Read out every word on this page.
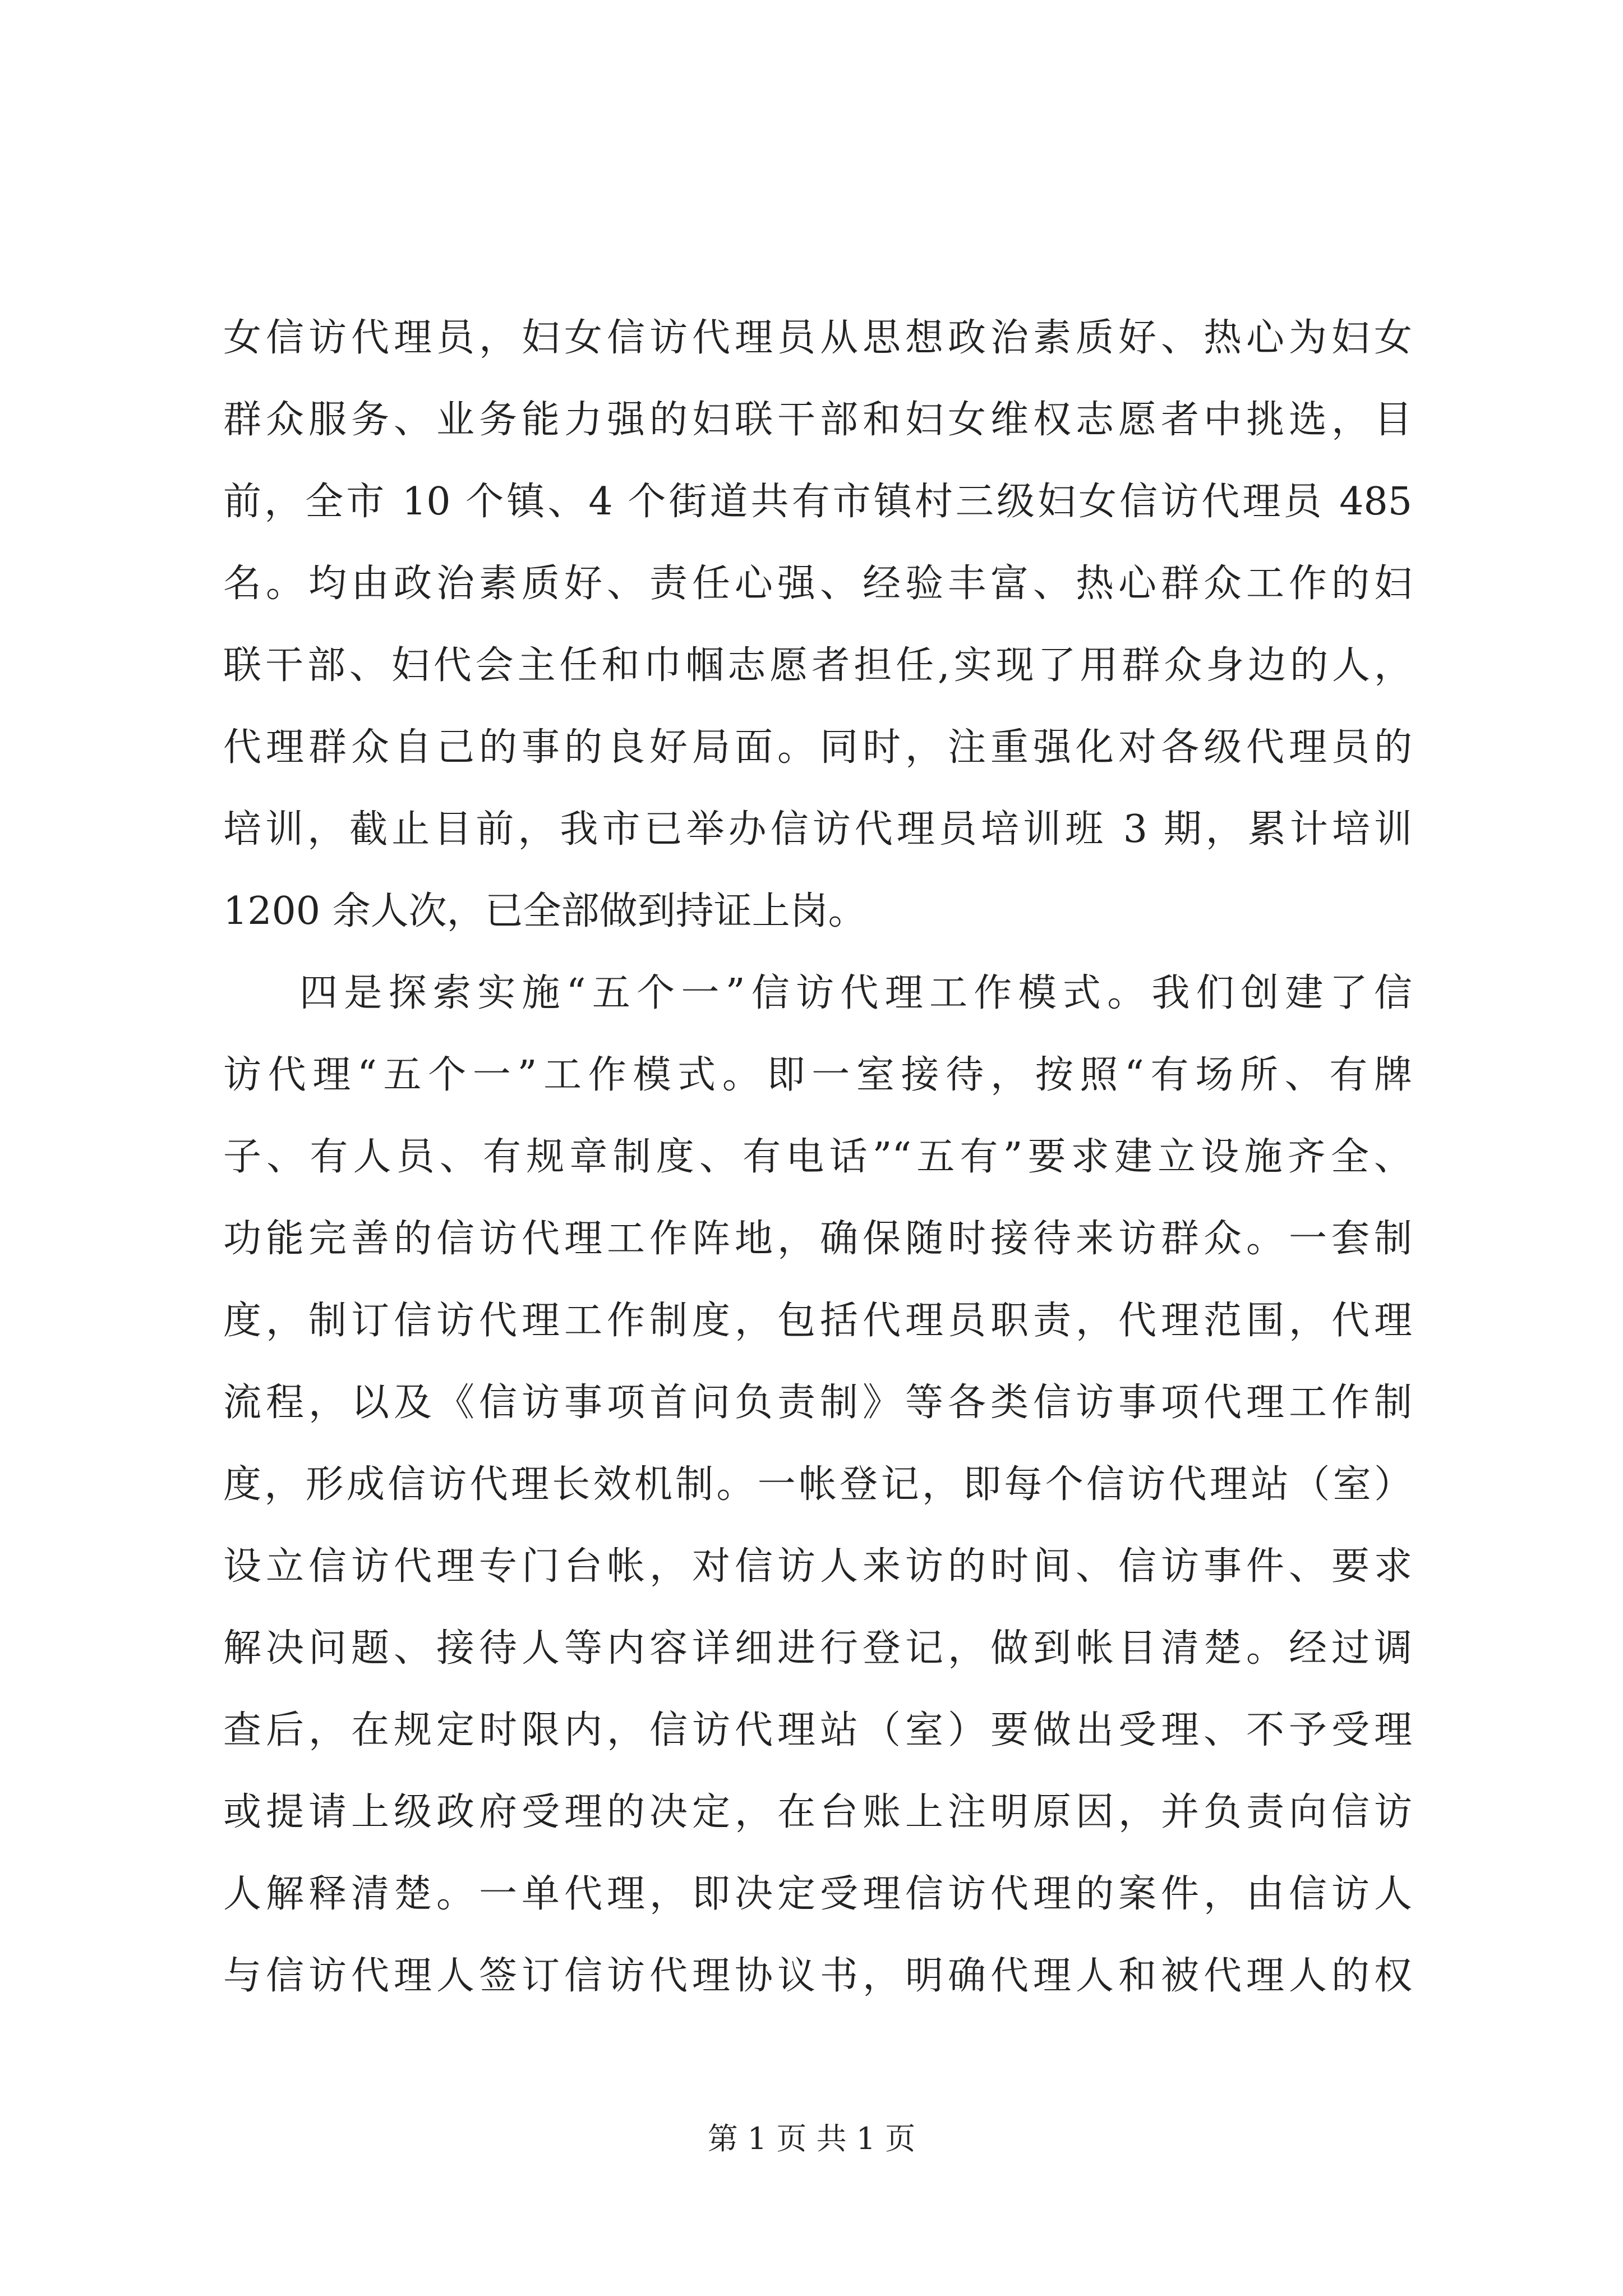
女信访代理员，妇女信访代理员从思想政治素质好、热心为妇女
群众服务、业务能力强的妇联干部和妇女维权志愿者中挑选，目
前，全市 10 个镇、4 个街道共有市镇村三级妇女信访代理员 485
名。均由政治素质好、责任心强、经验丰富、热心群众工作的妇
联干部、妇代会主任和巾帼志愿者担任,实现了用群众身边的人，
代理群众自己的事的良好局面。同时，注重强化对各级代理员的
培训，截止目前，我市已举办信访代理员培训班 3 期，累计培训
1200 余人次，已全部做到持证上岗。
四是探索实施“五个一”信访代理工作模式。我们创建了信
访代理“五个一”工作模式。即一室接待，按照“有场所、有牌
子、有人员、有规章制度、有电话”“五有”要求建立设施齐全、
功能完善的信访代理工作阵地，确保随时接待来访群众。一套制
度，制订信访代理工作制度，包括代理员职责，代理范围，代理
流程，以及《信访事项首问负责制》等各类信访事项代理工作制
度，形成信访代理长效机制。一帐登记，即每个信访代理站（室）
设立信访代理专门台帐，对信访人来访的时间、信访事件、要求
解决问题、接待人等内容详细进行登记，做到帐目清楚。经过调
查后，在规定时限内，信访代理站（室）要做出受理、不予受理
或提请上级政府受理的决定，在台账上注明原因，并负责向信访
人解释清楚。一单代理，即决定受理信访代理的案件，由信访人
与信访代理人签订信访代理协议书，明确代理人和被代理人的权
第 1 页 共 1 页
